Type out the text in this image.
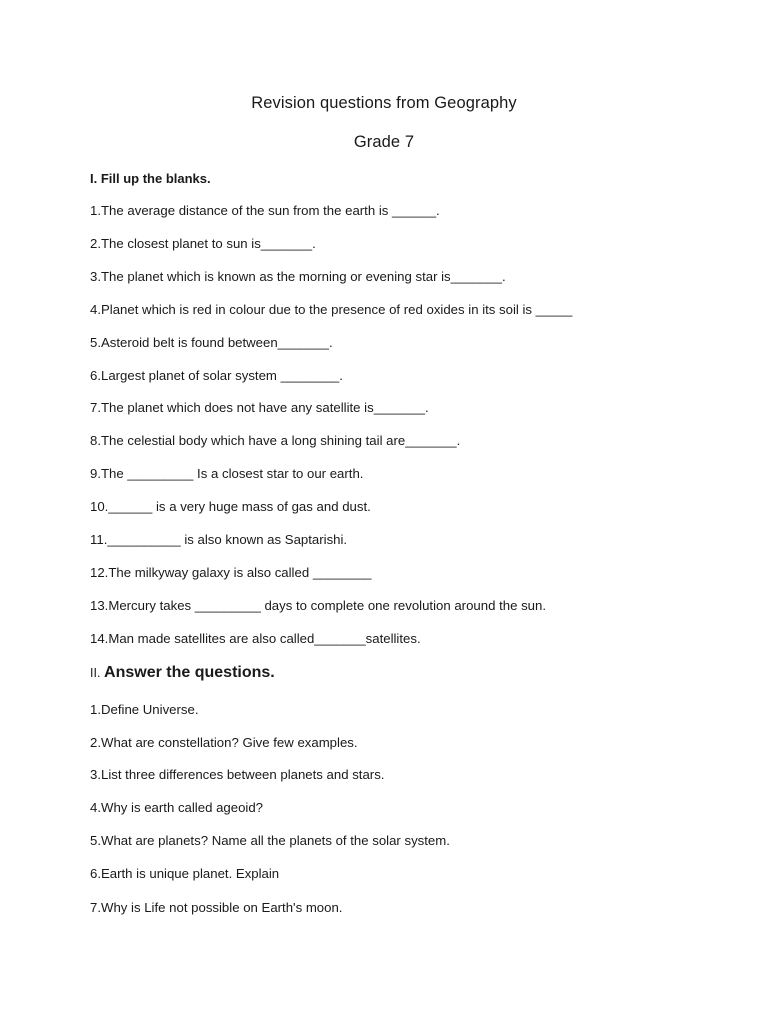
Revision questions from Geography
Grade 7
I. Fill up the blanks.
1.The average distance of the sun from the earth is ______.
2.The closest planet to sun is_______.
3.The planet which is known as the morning or evening star is_______.
4.Planet which is red in colour due to the presence of red oxides in its soil is _____
5.Asteroid belt is found between_______.
6.Largest planet of solar system ________.
7.The planet which does not have any satellite is_______.
8.The celestial body which have a long shining tail are_______.
9.The _________ Is a closest star to our earth.
10.______ is a very huge mass of gas and dust.
11.__________ is also known as Saptarishi.
12.The milkyway galaxy is also called ________
13.Mercury takes _________ days to complete one revolution around the sun.
14.Man made satellites are also called_______satellites.
II. Answer the questions.
1.Define Universe.
2.What are constellation? Give few examples.
3.List three differences between planets and stars.
4.Why is earth called ageoid?
5.What are planets? Name all the planets of the solar system.
6.Earth is unique planet. Explain
7.Why is Life not possible on Earth's moon.
